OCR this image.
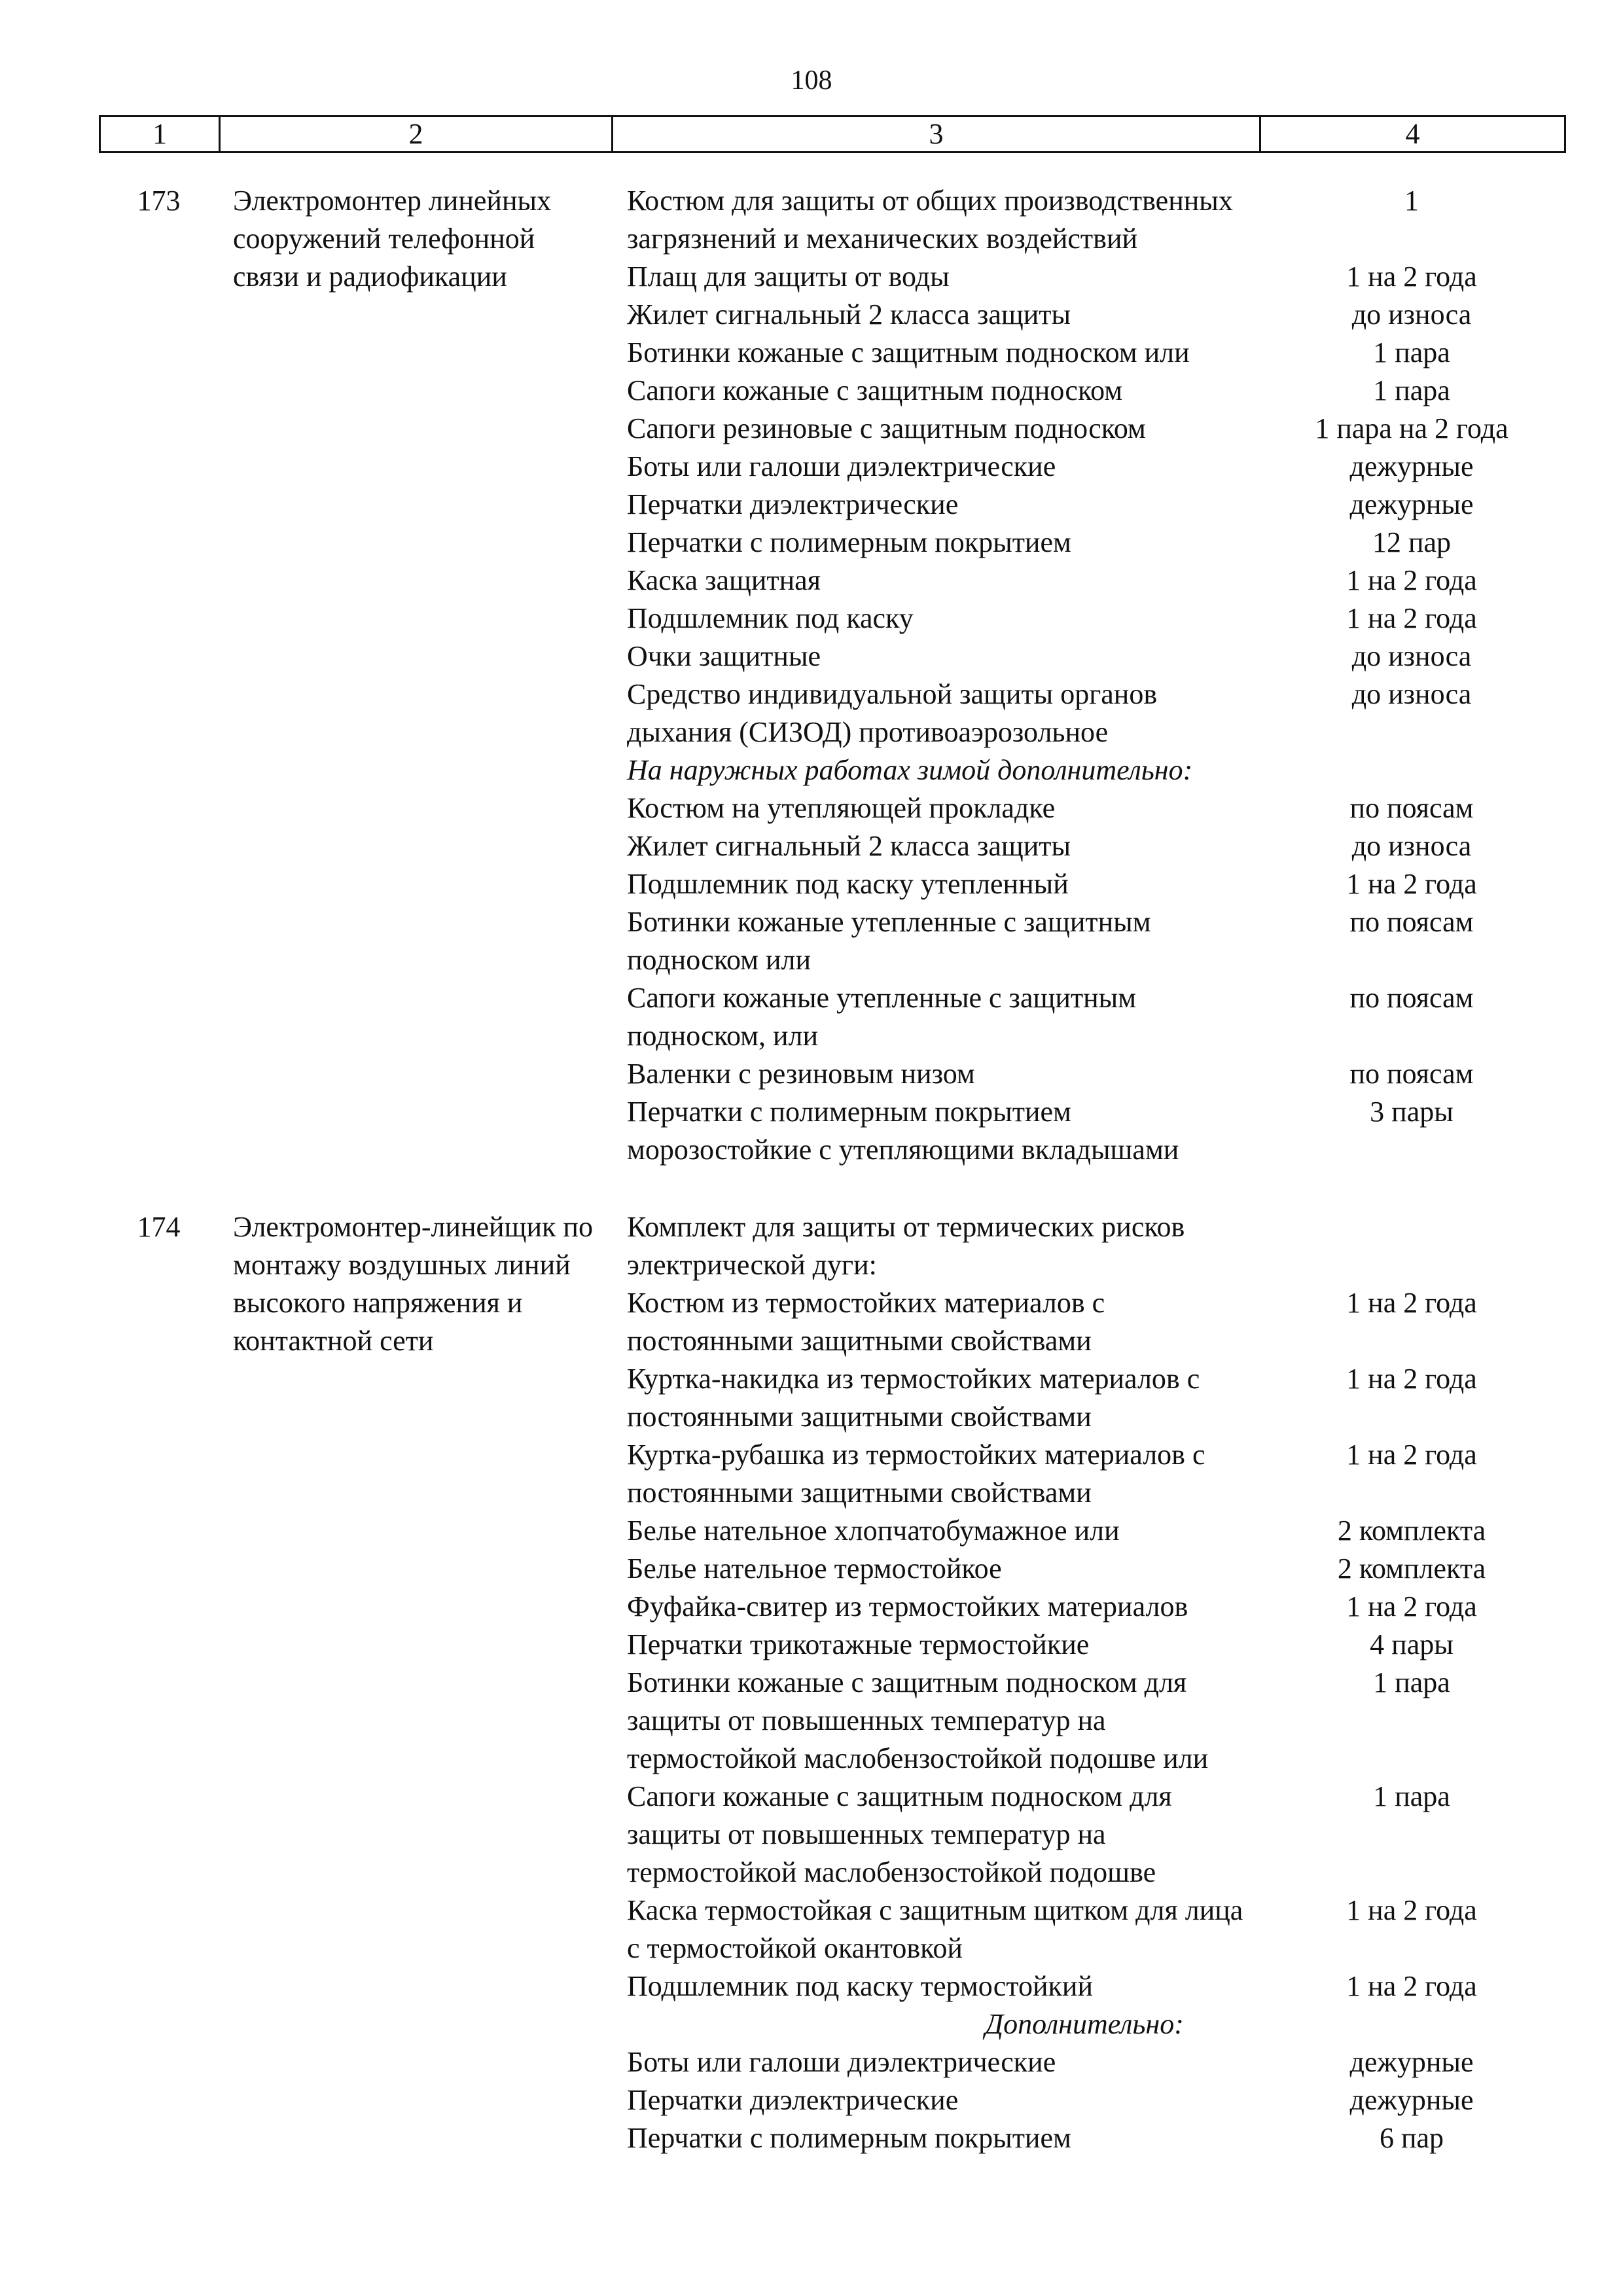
108
1	2	3	4
173	Электромонтер линейных сооружений телефонной связи и радиофикации	Костюм для защиты от общих производственных загрязнений и механических воздействий	1
		Плащ для защиты от воды	1 на 2 года
		Жилет сигнальный 2 класса защиты	до износа
		Ботинки кожаные с защитным подноском или	1 пара
		Сапоги кожаные с защитным подноском	1 пара
		Сапоги резиновые с защитным подноском	1 пара на 2 года
		Боты или галоши диэлектрические	дежурные
		Перчатки диэлектрические	дежурные
		Перчатки с полимерным покрытием	12 пар
		Каска защитная	1 на 2 года
		Подшлемник под каску	1 на 2 года
		Очки защитные	до износа
		Средство индивидуальной защиты органов дыхания (СИЗОД) противоаэрозольное	до износа
		На наружных работах зимой дополнительно:	
		Костюм на утепляющей прокладке	по поясам
		Жилет сигнальный 2 класса защиты	до износа
		Подшлемник под каску утепленный	1 на 2 года
		Ботинки кожаные утепленные с защитным подноском или	по поясам
		Сапоги кожаные утепленные с защитным подноском, или	по поясам
		Валенки с резиновым низом	по поясам
		Перчатки с полимерным покрытием морозостойкие с утепляющими вкладышами	3 пары

174	Электромонтер-линейщик по монтажу воздушных линий высокого напряжения и контактной сети	Комплект для защиты от термических рисков электрической дуги:	
		Костюм из термостойких материалов с постоянными защитными свойствами	1 на 2 года
		Куртка-накидка из термостойких материалов с постоянными защитными свойствами	1 на 2 года
		Куртка-рубашка из термостойких материалов с постоянными защитными свойствами	1 на 2 года
		Белье нательное хлопчатобумажное или	2 комплекта
		Белье нательное термостойкое	2 комплекта
		Фуфайка-свитер из термостойких материалов	1 на 2 года
		Перчатки трикотажные термостойкие	4 пары
		Ботинки кожаные с защитным подноском для защиты от повышенных температур на термостойкой маслобензостойкой подошве или	1 пара
		Сапоги кожаные с защитным подноском для защиты от повышенных температур на термостойкой маслобензостойкой подошве	1 пара
		Каска термостойкая с защитным щитком для лица с термостойкой окантовкой	1 на 2 года
		Подшлемник под каску термостойкий	1 на 2 года
		Дополнительно:	
		Боты или галоши диэлектрические	дежурные
		Перчатки диэлектрические	дежурные
		Перчатки с полимерным покрытием	6 пар
